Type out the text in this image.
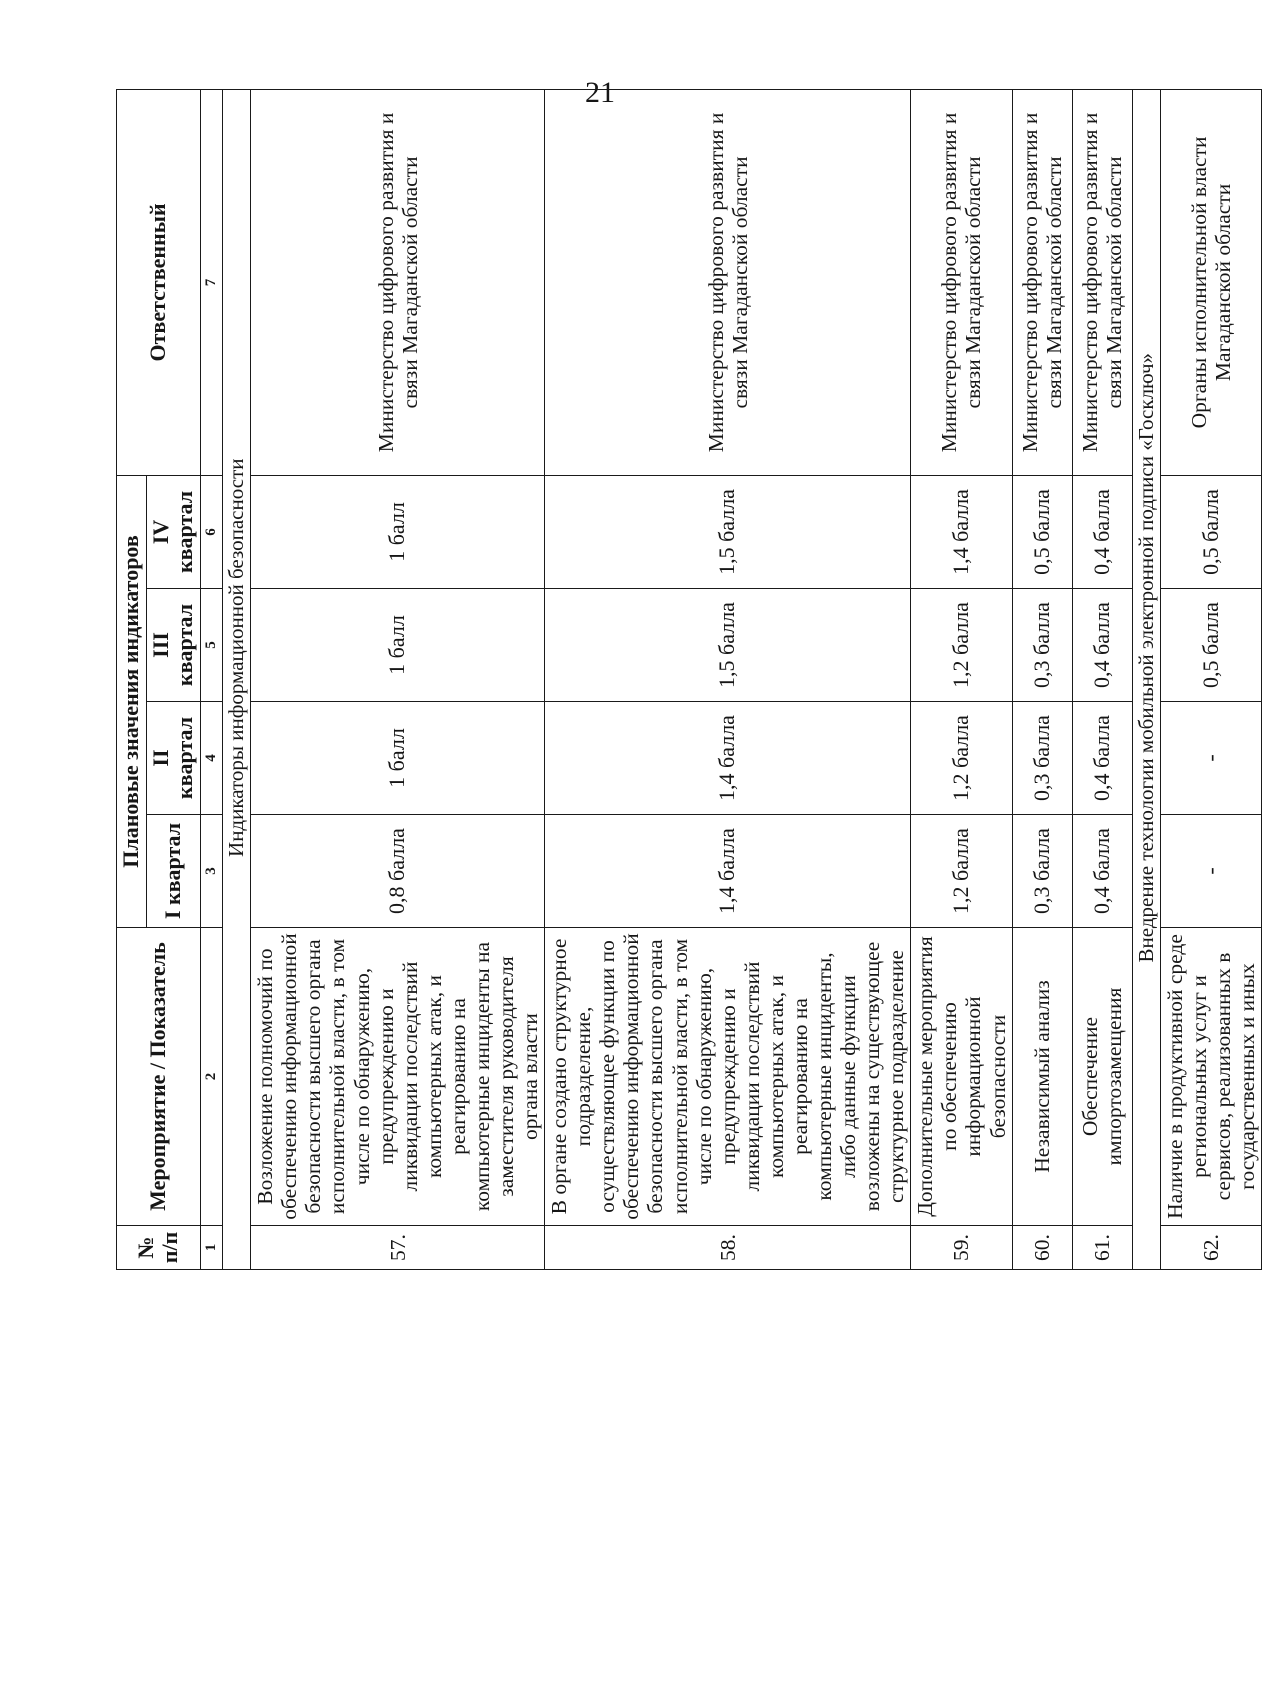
21
№ п/п	Мероприятие / Показатель	Плановые значения индикаторов				Ответственный
		I квартал	II квартал	III квартал	IV квартал	
1	2	3	4	5	6	7
	Индикаторы информационной безопасности					
57.	Возложение полномочий по обеспечению информационной безопасности высшего органа исполнительной власти, в том числе по обнаружению, предупреждению и ликвидации последствий компьютерных атак, и реагированию на компьютерные инциденты на заместителя руководителя органа власти	0,8 балла	1 балл	1 балл	1 балл	Министерство цифрового развития и связи Магаданской области
58.	В органе создано структурное подразделение, осуществляющее функции по обеспечению информационной безопасности высшего органа исполнительной власти, в том числе по обнаружению, предупреждению и ликвидации последствий компьютерных атак, и реагированию на компьютерные инциденты, либо данные функции возложены на существующее структурное подразделение	1,4 балла	1,4 балла	1,5 балла	1,5 балла	Министерство цифрового развития и связи Магаданской области
59.	Дополнительные мероприятия по обеспечению информационной безопасности	1,2 балла	1,2 балла	1,2 балла	1,4 балла	Министерство цифрового развития и связи Магаданской области
60.	Независимый анализ	0,3 балла	0,3 балла	0,3 балла	0,5 балла	Министерство цифрового развития и связи Магаданской области
61.	Обеспечение импортозамещения	0,4 балла	0,4 балла	0,4 балла	0,4 балла	Министерство цифрового развития и связи Магаданской области
	Внедрение технологии мобильной электронной подписи «Госключ»					
62.	Наличие в продуктивной среде региональных услуг и сервисов, реализованных в государственных и иных	-	-	0,5 балла	0,5 балла	Органы исполнительной власти Магаданской области
